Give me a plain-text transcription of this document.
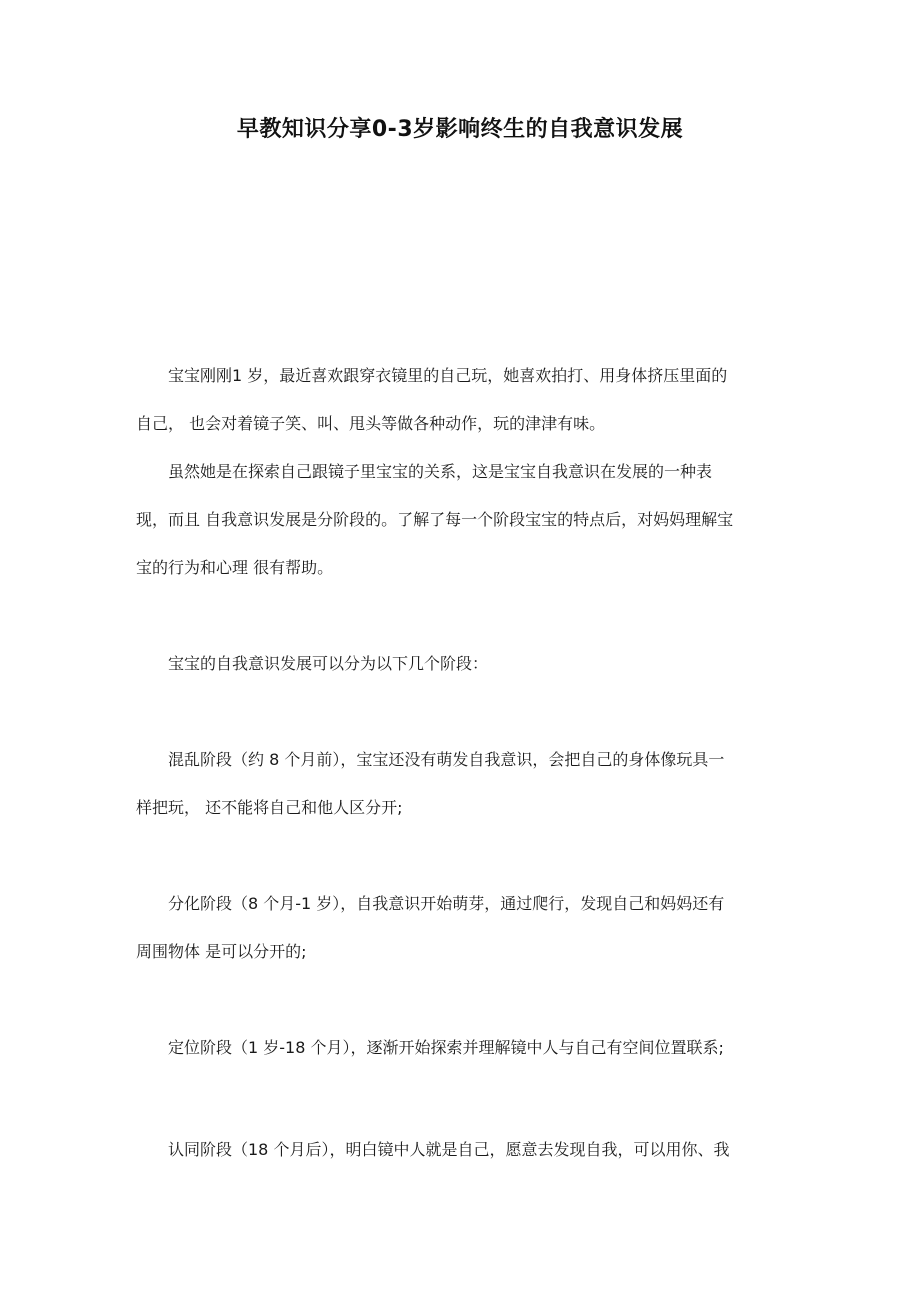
早教知识分享0-3岁影响终生的自我意识发展
宝宝刚刚1 岁，最近喜欢跟穿衣镜里的自己玩，她喜欢拍打、用身体挤压里面的
自己， 也会对着镜子笑、叫、甩头等做各种动作，玩的津津有味。
虽然她是在探索自己跟镜子里宝宝的关系，这是宝宝自我意识在发展的一种表
现，而且 自我意识发展是分阶段的。了解了每一个阶段宝宝的特点后，对妈妈理解宝
宝的行为和心理 很有帮助。
宝宝的自我意识发展可以分为以下几个阶段：
混乱阶段（约 8 个月前），宝宝还没有萌发自我意识，会把自己的身体像玩具一
样把玩， 还不能将自己和他人区分开;
分化阶段（8 个月-1 岁），自我意识开始萌芽，通过爬行，发现自己和妈妈还有
周围物体 是可以分开的;
定位阶段（1 岁-18 个月），逐渐开始探索并理解镜中人与自己有空间位置联系;
认同阶段（18 个月后），明白镜中人就是自己，愿意去发现自我，可以用你、我
